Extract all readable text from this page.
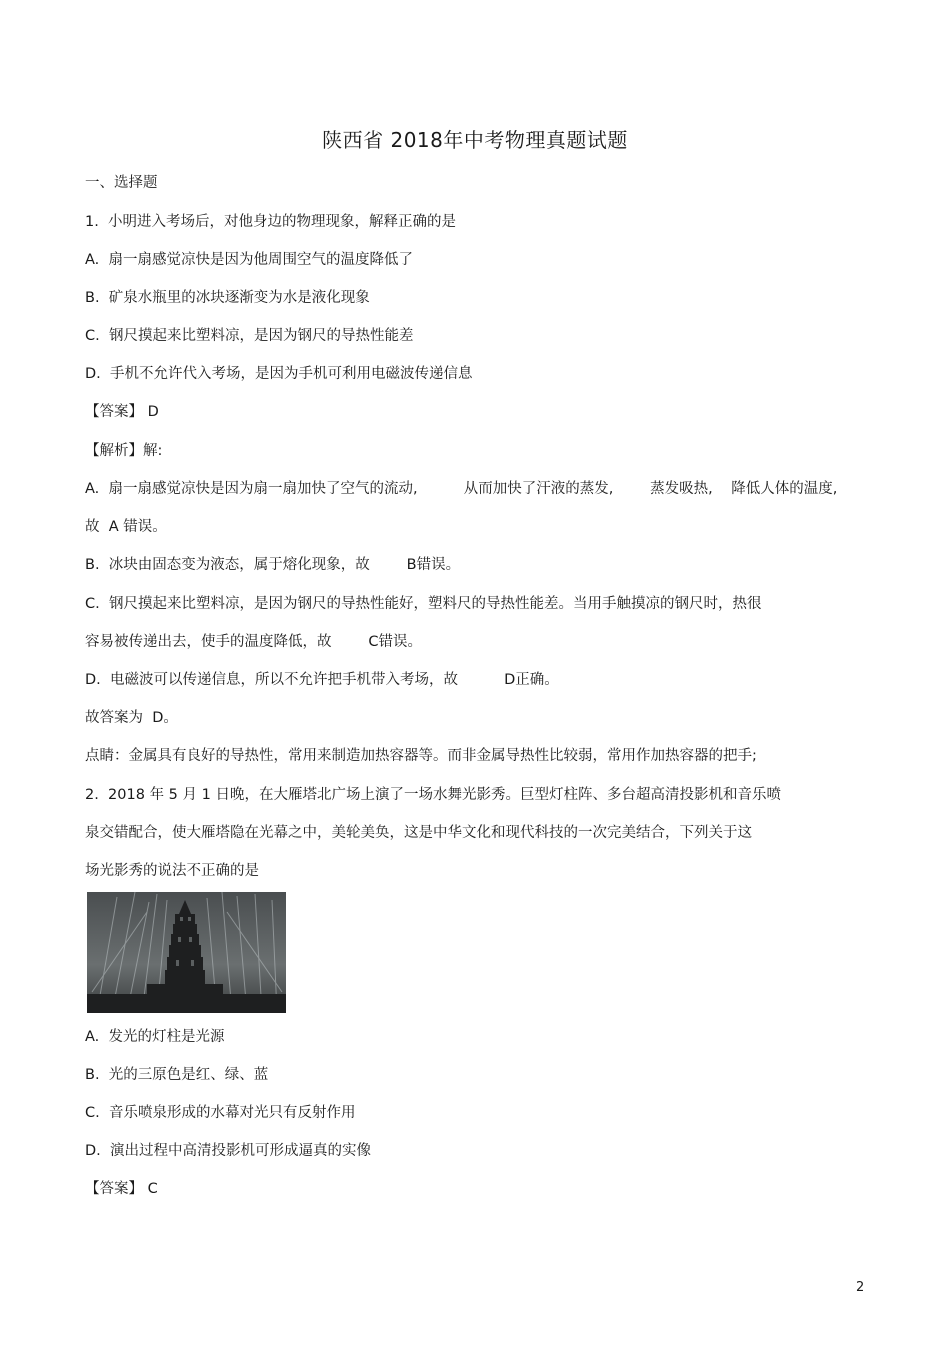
陕西省 2018年中考物理真题试题
一、选择题
1.  小明进入考场后，对他身边的物理现象，解释正确的是
A.  扇一扇感觉凉快是因为他周围空气的温度降低了
B.  矿泉水瓶里的冰块逐渐变为水是液化现象
C.  钢尺摸起来比塑料凉，是因为钢尺的导热性能差
D.  手机不允许代入考场，是因为手机可利用电磁波传递信息
【答案】 D
【解析】解:
A.  扇一扇感觉凉快是因为扇一扇加快了空气的流动,          从而加快了汗液的蒸发,        蒸发吸热,    降低人体的温度,
故  A 错误。
B.  冰块由固态变为液态，属于熔化现象，故        B错误。
C.  钢尺摸起来比塑料凉，是因为钢尺的导热性能好，塑料尺的导热性能差。当用手触摸凉的钢尺时，热很
容易被传递出去，使手的温度降低，故        C错误。
D.  电磁波可以传递信息，所以不允许把手机带入考场，故          D正确。
故答案为  D。
点睛：金属具有良好的导热性，常用来制造加热容器等。而非金属导热性比较弱，常用作加热容器的把手;
2.  2018 年 5 月 1 日晚，在大雁塔北广场上演了一场水舞光影秀。巨型灯柱阵、多台超高清投影机和音乐喷
泉交错配合，使大雁塔隐在光幕之中，美轮美奂，这是中华文化和现代科技的一次完美结合，下列关于这
场光影秀的说法不正确的是
A.  发光的灯柱是光源
B.  光的三原色是红、绿、蓝
C.  音乐喷泉形成的水幕对光只有反射作用
D.  演出过程中高清投影机可形成逼真的实像
【答案】 C
2
